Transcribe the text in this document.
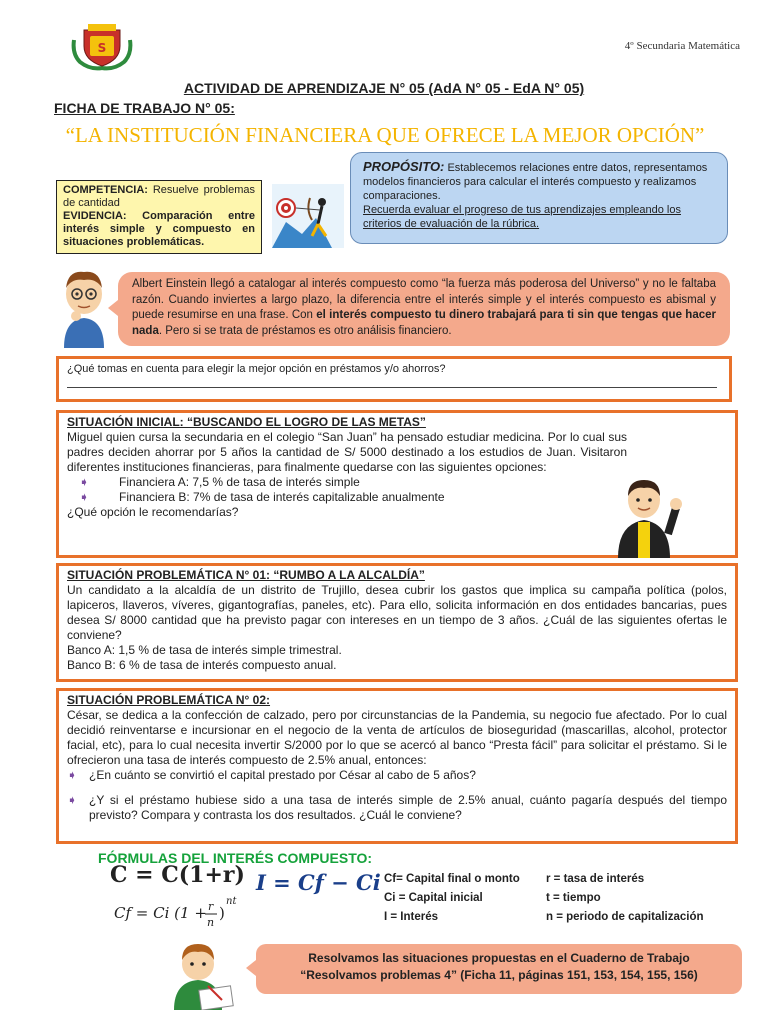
S	4º Secundaria Matemática
ACTIVIDAD DE APRENDIZAJE N° 05 (AdA N° 05 - EdA N° 05)
FICHA DE TRABAJO N° 05:
“LA INSTITUCIÓN FINANCIERA QUE OFRECE LA MEJOR OPCIÓN”
COMPETENCIA: Resuelve problemas de cantidad
EVIDENCIA: Comparación entre interés simple y compuesto en situaciones problemáticas.
PROPÓSITO: Establecemos relaciones entre datos, representamos modelos financieros para calcular el interés compuesto y realizamos comparaciones.
Recuerda evaluar el progreso de tus aprendizajes empleando los criterios de evaluación de la rúbrica.
Albert Einstein llegó a catalogar al interés compuesto como “la fuerza más poderosa del Universo” y no le faltaba razón. Cuando inviertes a largo plazo, la diferencia entre el interés simple y el interés compuesto es abismal y puede resumirse en una frase. Con el interés compuesto tu dinero trabajará para ti sin que tengas que hacer nada. Pero si se trata de préstamos es otro análisis financiero.
¿Qué tomas en cuenta para elegir la mejor opción en préstamos y/o ahorros?
SITUACIÓN INICIAL: “BUSCANDO EL LOGRO DE LAS METAS”
Miguel quien cursa la secundaria en el colegio “San Juan” ha pensado estudiar medicina. Por lo cual sus padres deciden ahorrar por 5 años la cantidad de S/ 5000 destinado a los estudios de Juan. Visitaron diferentes instituciones financieras, para finalmente quedarse con las siguientes opciones:
➧	Financiera A: 7,5 % de tasa de interés simple
➧	Financiera B: 7% de tasa de interés capitalizable anualmente
¿Qué opción le recomendarías?
SITUACIÓN PROBLEMÁTICA N° 01: “RUMBO A LA ALCALDÍA”
Un candidato a la alcaldía de un distrito de Trujillo, desea cubrir los gastos que implica su campaña política (polos, lapiceros, llaveros, víveres, gigantografías, paneles, etc). Para ello, solicita información en dos entidades bancarias, pues desea S/ 8000 cantidad que ha previsto pagar con intereses en un tiempo de 3 años. ¿Cuál de las siguientes ofertas le conviene?
Banco A: 1,5 % de tasa de interés simple trimestral.
Banco B: 6 % de tasa de interés compuesto anual.
SITUACIÓN PROBLEMÁTICA N° 02:
César, se dedica a la confección de calzado, pero por circunstancias de la Pandemia, su negocio fue afectado. Por lo cual decidió reinventarse e incursionar en el negocio de la venta de artículos de bioseguridad (mascarillas, alcohol, protector facial, etc), para lo cual necesita invertir S/2000 por lo que se acercó al banco “Presta fácil” para solicitar el préstamo. Si le ofrecieron una tasa de interés compuesto de 2.5% anual, entonces:
➧ ¿En cuánto se convirtió el capital prestado por César al cabo de 5 años?
➧ ¿Y si el préstamo hubiese sido a una tasa de interés simple de 2.5% anual, cuánto pagaría después del tiempo previsto? Compara y contrasta los dos resultados. ¿Cuál le conviene?
FÓRMULAS DEL INTERÉS COMPUESTO:
C = C(1+r) I = Cf − Ci
Cf = Ci (1 + r
n
)
nt
Cf= Capital final o monto	r = tasa de interés
Ci = Capital inicial	t = tiempo
I = Interés	n = periodo de capitalización
Resolvamos las situaciones propuestas en el Cuaderno de Trabajo
“Resolvamos problemas 4” (Ficha 11, páginas 151, 153, 154, 155, 156)
